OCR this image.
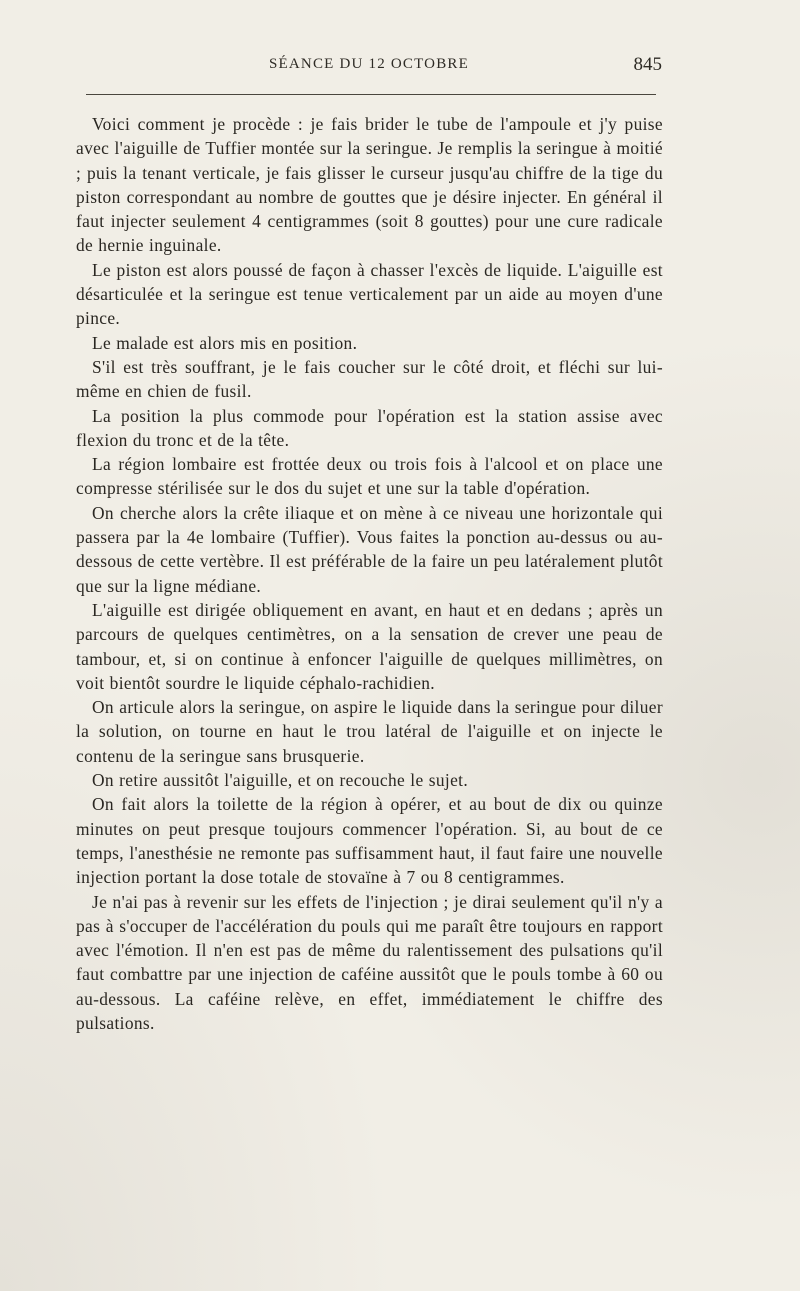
SÉANCE DU 12 OCTOBRE	845

Voici comment je procède : je fais brider le tube de l'ampoule et j'y puise avec l'aiguille de Tuffier montée sur la seringue. Je remplis la seringue à moitié ; puis la tenant verticale, je fais glisser le curseur jusqu'au chiffre de la tige du piston correspondant au nombre de gouttes que je désire injecter. En général il faut injecter seulement 4 centigrammes (soit 8 gouttes) pour une cure radicale de hernie inguinale.

Le piston est alors poussé de façon à chasser l'excès de liquide. L'aiguille est désarticulée et la seringue est tenue verticalement par un aide au moyen d'une pince.

Le malade est alors mis en position.

S'il est très souffrant, je le fais coucher sur le côté droit, et fléchi sur lui-même en chien de fusil.

La position la plus commode pour l'opération est la station assise avec flexion du tronc et de la tête.

La région lombaire est frottée deux ou trois fois à l'alcool et on place une compresse stérilisée sur le dos du sujet et une sur la table d'opération.

On cherche alors la crête iliaque et on mène à ce niveau une horizontale qui passera par la 4e lombaire (Tuffier). Vous faites la ponction au-dessus ou au-dessous de cette vertèbre. Il est préférable de la faire un peu latéralement plutôt que sur la ligne médiane.

L'aiguille est dirigée obliquement en avant, en haut et en dedans ; après un parcours de quelques centimètres, on a la sensation de crever une peau de tambour, et, si on continue à enfoncer l'aiguille de quelques millimètres, on voit bientôt sourdre le liquide céphalo-rachidien.

On articule alors la seringue, on aspire le liquide dans la seringue pour diluer la solution, on tourne en haut le trou latéral de l'aiguille et on injecte le contenu de la seringue sans brusquerie.

On retire aussitôt l'aiguille, et on recouche le sujet.

On fait alors la toilette de la région à opérer, et au bout de dix ou quinze minutes on peut presque toujours commencer l'opération. Si, au bout de ce temps, l'anesthésie ne remonte pas suffisamment haut, il faut faire une nouvelle injection portant la dose totale de stovaïne à 7 ou 8 centigrammes.

Je n'ai pas à revenir sur les effets de l'injection ; je dirai seulement qu'il n'y a pas à s'occuper de l'accélération du pouls qui me paraît être toujours en rapport avec l'émotion. Il n'en est pas de même du ralentissement des pulsations qu'il faut combattre par une injection de caféine aussitôt que le pouls tombe à 60 ou au-dessous. La caféine relève, en effet, immédiatement le chiffre des pulsations.
